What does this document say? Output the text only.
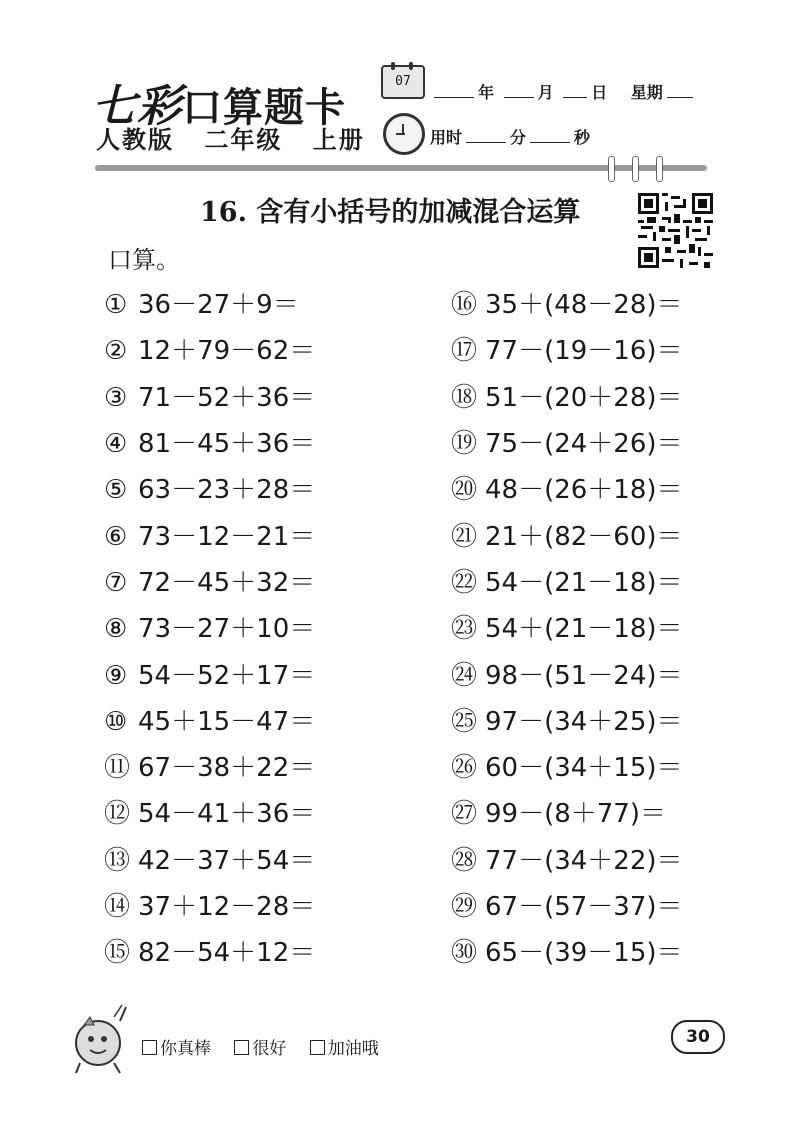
七彩口算题卡
人教版 二年级 上册
07
年	月 日 星期
用时	分	秒
16. 含有小括号的加减混合运算
口算。
① 36－27＋9＝
② 12＋79－62＝
③ 71－52＋36＝
④ 81－45＋36＝
⑤ 63－23＋28＝
⑥ 73－12－21＝
⑦ 72－45＋32＝
⑧ 73－27＋10＝
⑨ 54－52＋17＝
⑩ 45＋15－47＝
⑪ 67－38＋22＝
⑫ 54－41＋36＝
⑬ 42－37＋54＝
⑭ 37＋12－28＝
⑮ 82－54＋12＝
⑯ 35＋(48－28)＝
⑰ 77－(19－16)＝
⑱ 51－(20＋28)＝
⑲ 75－(24＋26)＝
⑳ 48－(26＋18)＝
㉑ 21＋(82－60)＝
㉒ 54－(21－18)＝
㉓ 54＋(21－18)＝
㉔ 98－(51－24)＝
㉕ 97－(34＋25)＝
㉖ 60－(34＋15)＝
㉗ 99－(8＋77)＝
㉘ 77－(34＋22)＝
㉙ 67－(57－37)＝
㉚ 65－(39－15)＝
你真棒 很好 加油哦
30
